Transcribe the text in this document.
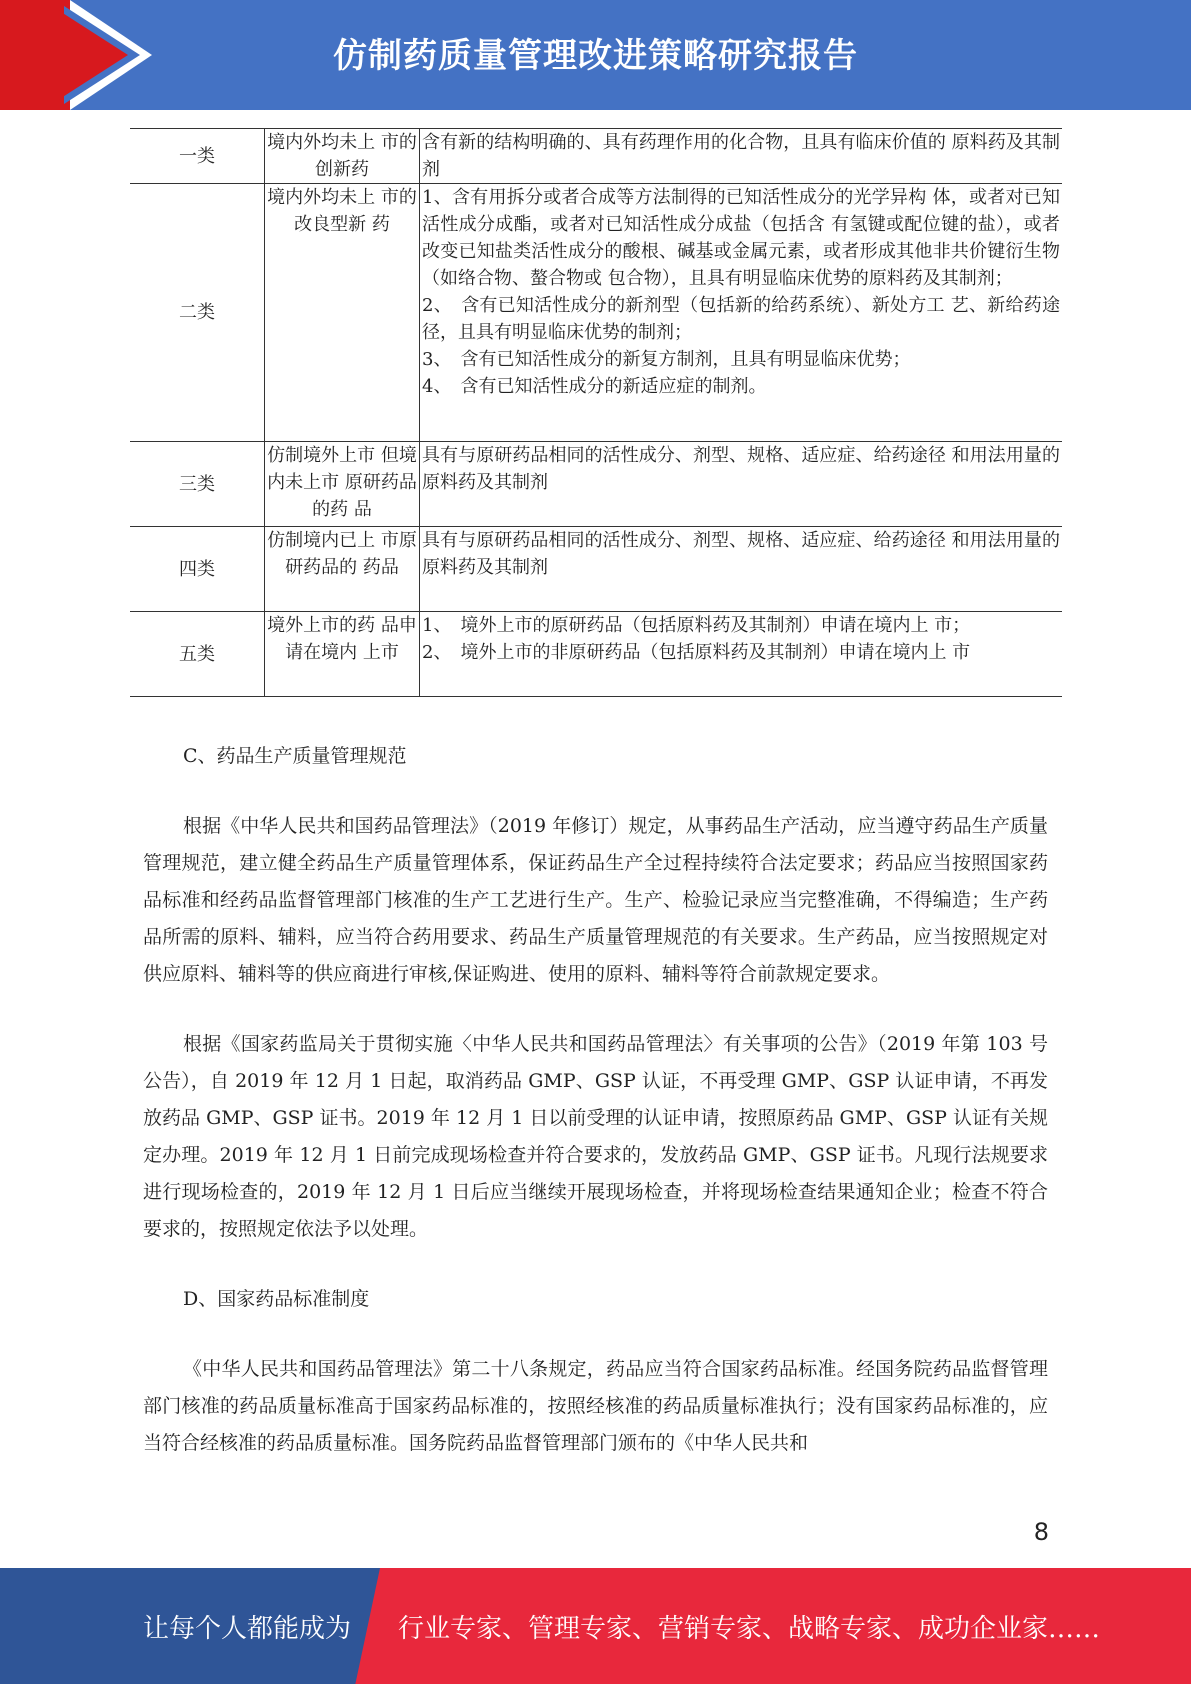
仿制药质量管理改进策略研究报告
一类	境内外均未上 市的创新药	含有新的结构明确的、具有药理作用的化合物，且具有临床价值的 原料药及其制剂

二类	境内外均未上 市的改良型新 药	1、含有用拆分或者合成等方法制得的已知活性成分的光学异构 体，或者对已知活性成分成酯，或者对已知活性成分成盐（包括含 有氢键或配位键的盐），或者改变已知盐类活性成分的酸根、碱基或金属元素，或者形成其他非共价键衍生物（如络合物、螯合物或 包合物），且具有明显临床优势的原料药及其制剂；
2、　含有已知活性成分的新剂型（包括新的给药系统）、新处方工 艺、新给药途径，且具有明显临床优势的制剂；
3、　含有已知活性成分的新复方制剂，且具有明显临床优势；
4、　含有已知活性成分的新适应症的制剂。

三类	仿制境外上市 但境内未上市 原研药品的药 品	具有与原研药品相同的活性成分、剂型、规格、适应症、给药途径 和用法用量的原料药及其制剂

四类	仿制境内已上 市原研药品的 药品	具有与原研药品相同的活性成分、剂型、规格、适应症、给药途径 和用法用量的原料药及其制剂

五类	境外上市的药 品申请在境内 上市	1、　境外上市的原研药品（包括原料药及其制剂）申请在境内上 市；
2、　境外上市的非原研药品（包括原料药及其制剂）申请在境内上 市

C、药品生产质量管理规范

根据《中华人民共和国药品管理法》（2019 年修订）规定，从事药品生产活动，应当遵守药品生产质量管理规范，建立健全药品生产质量管理体系，保证药品生产全过程持续符合法定要求；药品应当按照国家药品标准和经药品监督管理部门核准的生产工艺进行生产。生产、检验记录应当完整准确，不得编造；生产药品所需的原料、辅料，应当符合药用要求、药品生产质量管理规范的有关要求。生产药品，应当按照规定对供应原料、辅料等的供应商进行审核,保证购进、使用的原料、辅料等符合前款规定要求。

根据《国家药监局关于贯彻实施〈中华人民共和国药品管理法〉有关事项的公告》（2019 年第 103 号公告），自 2019 年 12 月 1 日起，取消药品 GMP、GSP 认证，不再受理 GMP、GSP 认证申请，不再发放药品 GMP、GSP 证书。2019 年 12 月 1 日以前受理的认证申请，按照原药品 GMP、GSP 认证有关规定办理。2019 年 12 月 1 日前完成现场检查并符合要求的，发放药品 GMP、GSP 证书。凡现行法规要求进行现场检查的，2019 年 12 月 1 日后应当继续开展现场检查，并将现场检查结果通知企业；检查不符合要求的，按照规定依法予以处理。

D、国家药品标准制度

《中华人民共和国药品管理法》第二十八条规定，药品应当符合国家药品标准。经国务院药品监督管理部门核准的药品质量标准高于国家药品标准的，按照经核准的药品质量标准执行；没有国家药品标准的，应当符合经核准的药品质量标准。国务院药品监督管理部门颁布的《中华人民共和

8
让每个人都能成为 行业专家、管理专家、营销专家、战略专家、成功企业家……
